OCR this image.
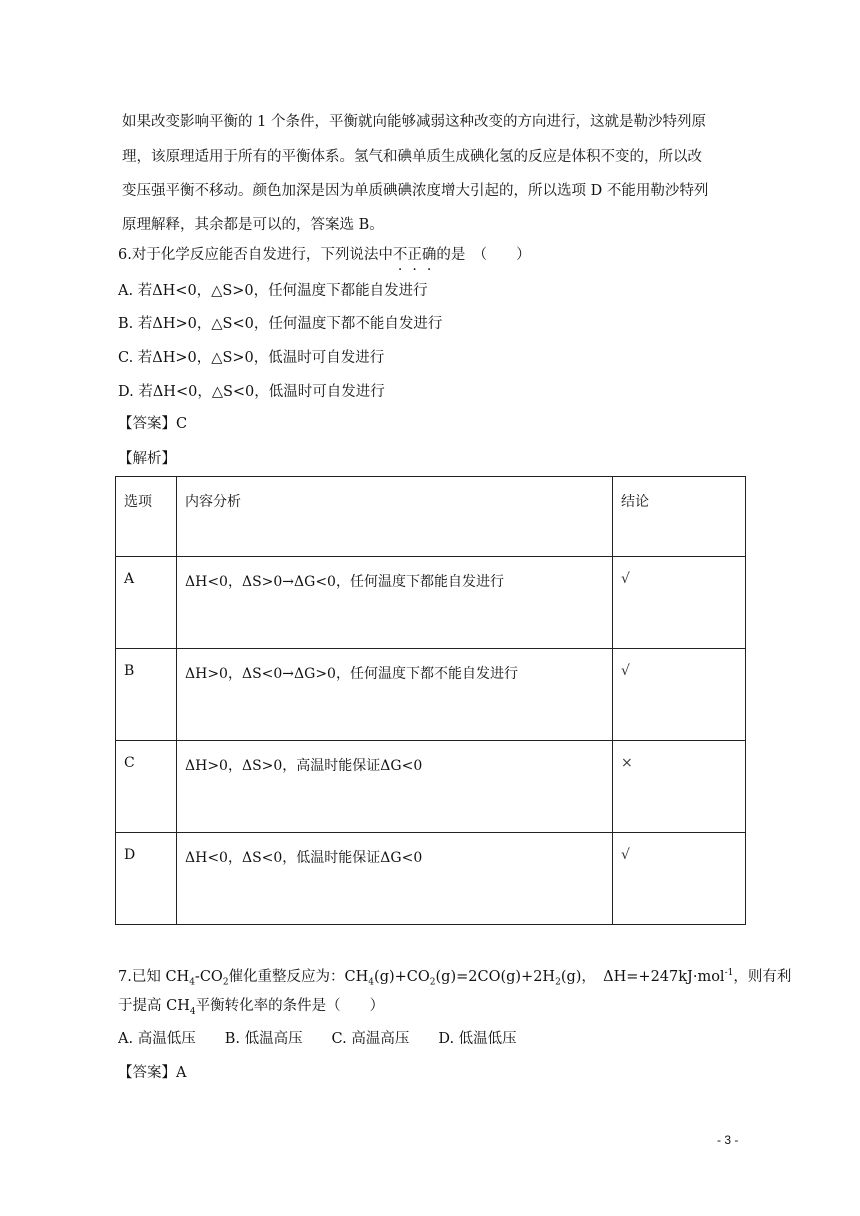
如果改变影响平衡的 1 个条件，平衡就向能够减弱这种改变的方向进行，这就是勒沙特列原
理，该原理适用于所有的平衡体系。氢气和碘单质生成碘化氢的反应是体积不变的，所以改
变压强平衡不移动。颜色加深是因为单质碘碘浓度增大引起的，所以选项 D 不能用勒沙特列
原理解释，其余都是可以的，答案选 B。
6.对于化学反应能否自发进行，下列说法中不正确的是　（　　）
A. 若ΔH<0，△S>0，任何温度下都能自发进行
B. 若ΔH>0，△S<0，任何温度下都不能自发进行
C. 若ΔH>0，△S>0，低温时可自发进行
D. 若ΔH<0，△S<0，低温时可自发进行
【答案】C
【解析】
选项	内容分析	结论
A	ΔH<0，ΔS>0→ΔG<0，任何温度下都能自发进行	√
B	ΔH>0，ΔS<0→ΔG>0，任何温度下都不能自发进行	√
C	ΔH>0，ΔS>0，高温时能保证ΔG<0	×
D	ΔH<0，ΔS<0，低温时能保证ΔG<0	√
7.已知 $CH_4-CO_2$催化重整反应为：$CH_4(g)+CO_2(g)=2CO(g)+2H_2(g)$，　ΔH=+247kJ·mol$^{-1}$，则有利
于提高 $CH_4$平衡转化率的条件是（　　）
A. 高温低压　　B. 低温高压　　C. 高温高压　　D. 低温低压
【答案】A
- 3 -
